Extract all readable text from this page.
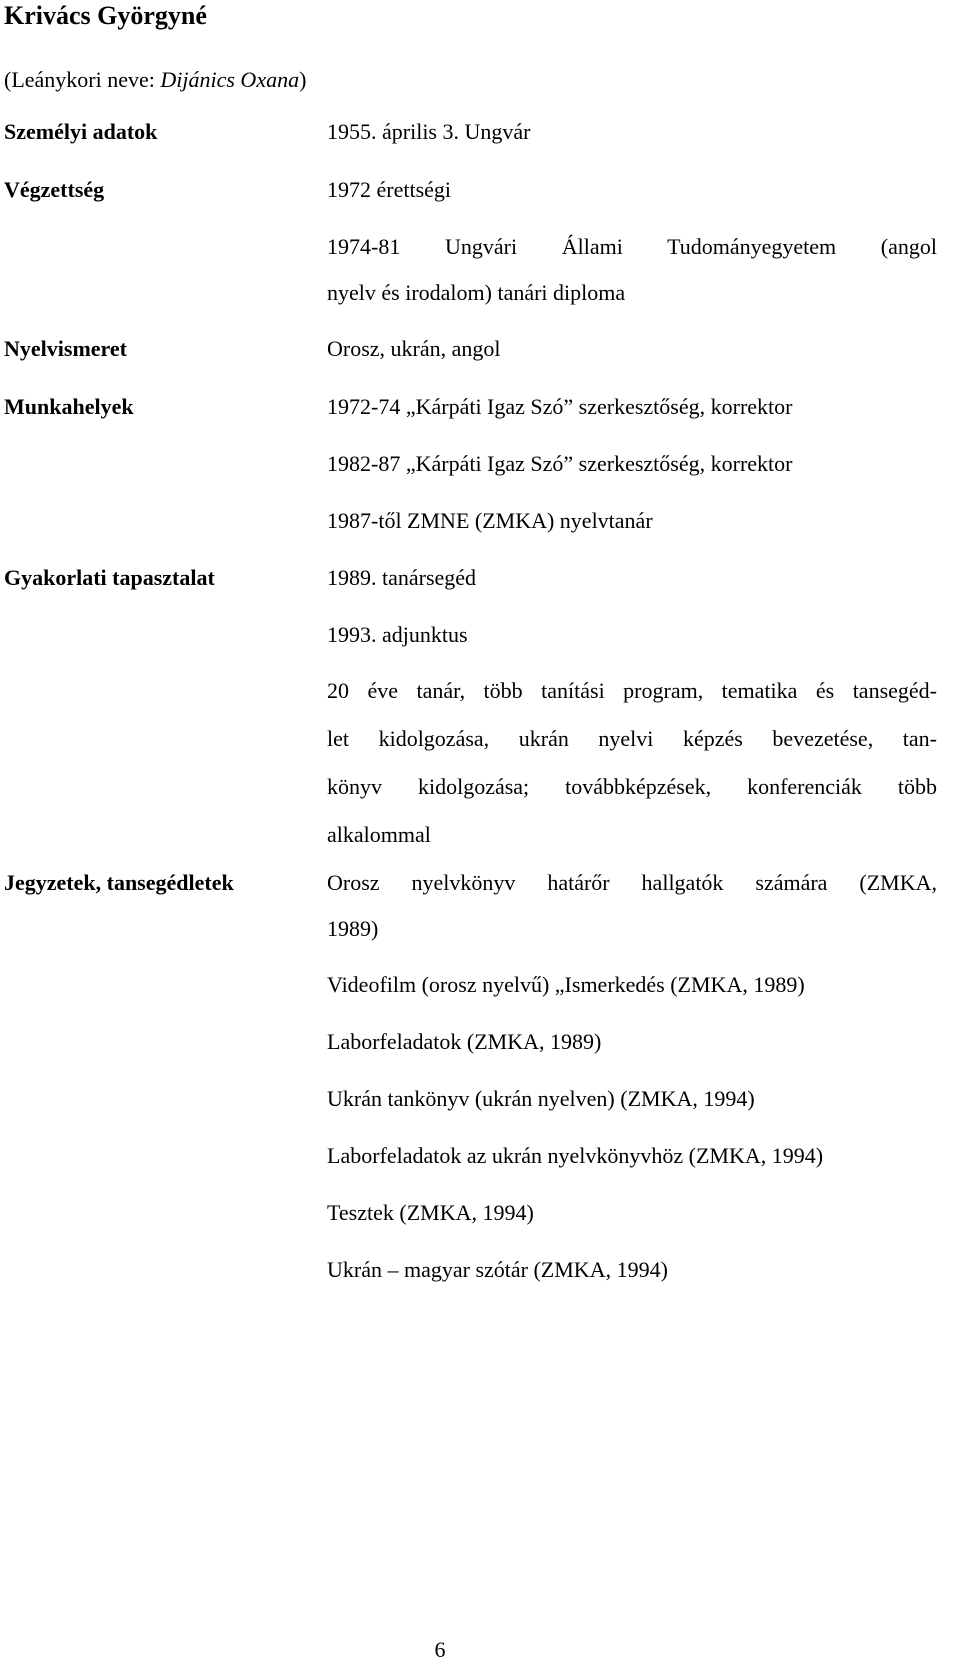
Krivács Györgyné
(Leánykori neve: Dijánics Oxana)
Személyi adatok	1955. április 3. Ungvár
Végzettség	1972 érettségi
1974-81 Ungvári Állami Tudományegyetem (angol
nyelv és irodalom) tanári diploma
Nyelvismeret	Orosz, ukrán, angol
Munkahelyek	1972-74 „Kárpáti Igaz Szó” szerkesztőség, korrektor
1982-87 „Kárpáti Igaz Szó” szerkesztőség, korrektor
1987-től ZMNE (ZMKA) nyelvtanár
Gyakorlati tapasztalat	1989. tanársegéd
1993. adjunktus
20 éve tanár, több tanítási program, tematika és tansegéd-
let kidolgozása, ukrán nyelvi képzés bevezetése, tan-
könyv kidolgozása; továbbképzések, konferenciák több
alkalommal
Jegyzetek, tansegédletek	Orosz nyelvkönyv határőr hallgatók számára (ZMKA,
1989)
Videofilm (orosz nyelvű) „Ismerkedés (ZMKA, 1989)
Laborfeladatok (ZMKA, 1989)
Ukrán tankönyv (ukrán nyelven) (ZMKA, 1994)
Laborfeladatok az ukrán nyelvkönyvhöz (ZMKA, 1994)
Tesztek (ZMKA, 1994)
Ukrán – magyar szótár (ZMKA, 1994)
6
